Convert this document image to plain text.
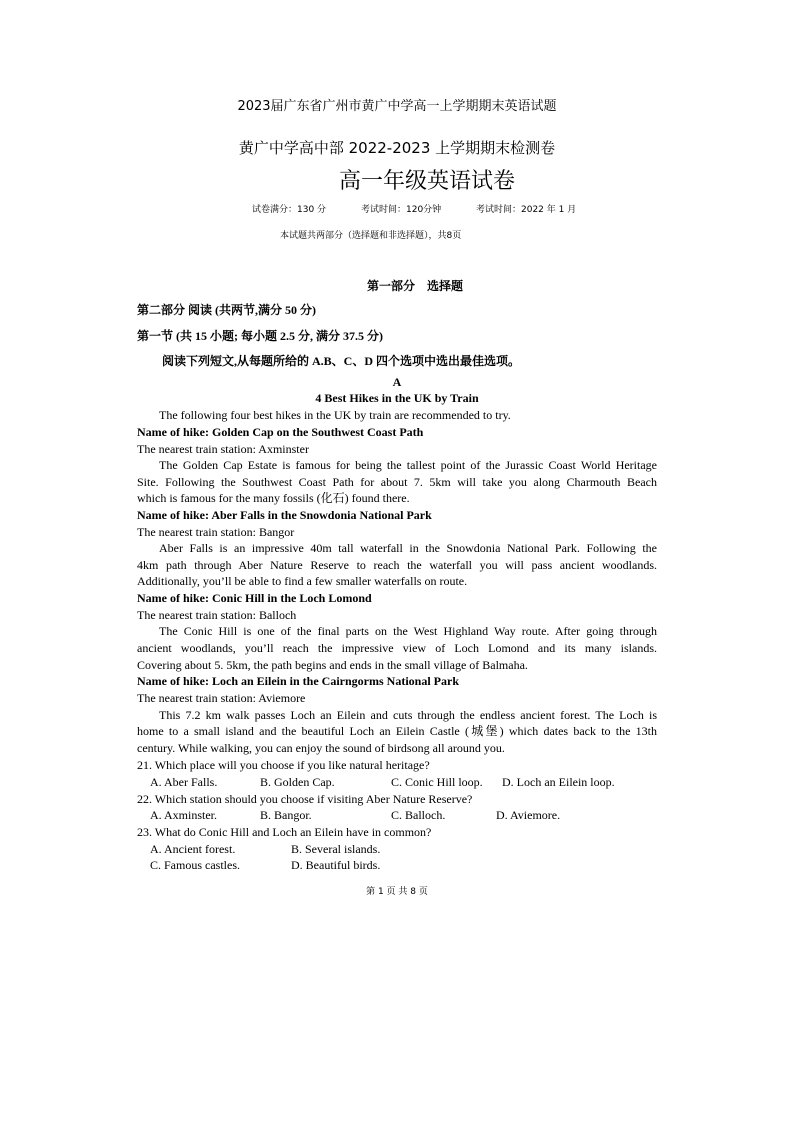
2023届广东省广州市黄广中学高一上学期期末英语试题
黄广中学高中部 2022-2023 上学期期末检测卷
高一年级英语试卷
试卷满分：130 分	考试时间：120分钟	考试时间：2022 年 1 月
本试题共两部分（选择题和非选择题），共8页
第一部分　选择题
第二部分 阅读 (共两节,满分 50 分)
第一节 (共 15 小题; 每小题 2.5 分, 满分 37.5 分)
阅读下列短文,从每题所给的 A.B、C、D 四个选项中选出最佳选项。
A
4 Best Hikes in the UK by Train
The following four best hikes in the UK by train are recommended to try.
Name of hike: Golden Cap on the Southwest Coast Path
The nearest train station: Axminster
The Golden Cap Estate is famous for being the tallest point of the Jurassic Coast World Heritage
Site. Following the Southwest Coast Path for about 7. 5km will take you along Charmouth Beach
which is famous for the many fossils (化石) found there.
Name of hike: Aber Falls in the Snowdonia National Park
The nearest train station: Bangor
Aber Falls is an impressive 40m tall waterfall in the Snowdonia National Park. Following the
4km path through Aber Nature Reserve to reach the waterfall you will pass ancient woodlands.
Additionally, you’ll be able to find a few smaller waterfalls on route.
Name of hike: Conic Hill in the Loch Lomond
The nearest train station: Balloch
The Conic Hill is one of the final parts on the West Highland Way route. After going through
ancient woodlands, you’ll reach the impressive view of Loch Lomond and its many islands.
Covering about 5. 5km, the path begins and ends in the small village of Balmaha.
Name of hike: Loch an Eilein in the Cairngorms National Park
The nearest train station: Aviemore
This 7.2 km walk passes Loch an Eilein and cuts through the endless ancient forest. The Loch is
home to a small island and the beautiful Loch an Eilein Castle (城堡) which dates back to the 13th
century. While walking, you can enjoy the sound of birdsong all around you.
21. Which place will you choose if you like natural heritage?
A. Aber Falls.	B. Golden Cap.	C. Conic Hill loop. D. Loch an Eilein loop.
22. Which station should you choose if visiting Aber Nature Reserve?
A. Axminster.	B. Bangor.	C. Balloch.	D. Aviemore.
23. What do Conic Hill and Loch an Eilein have in common?
A. Ancient forest.	B. Several islands.
C. Famous castles.	D. Beautiful birds.
第 1 页 共 8 页
